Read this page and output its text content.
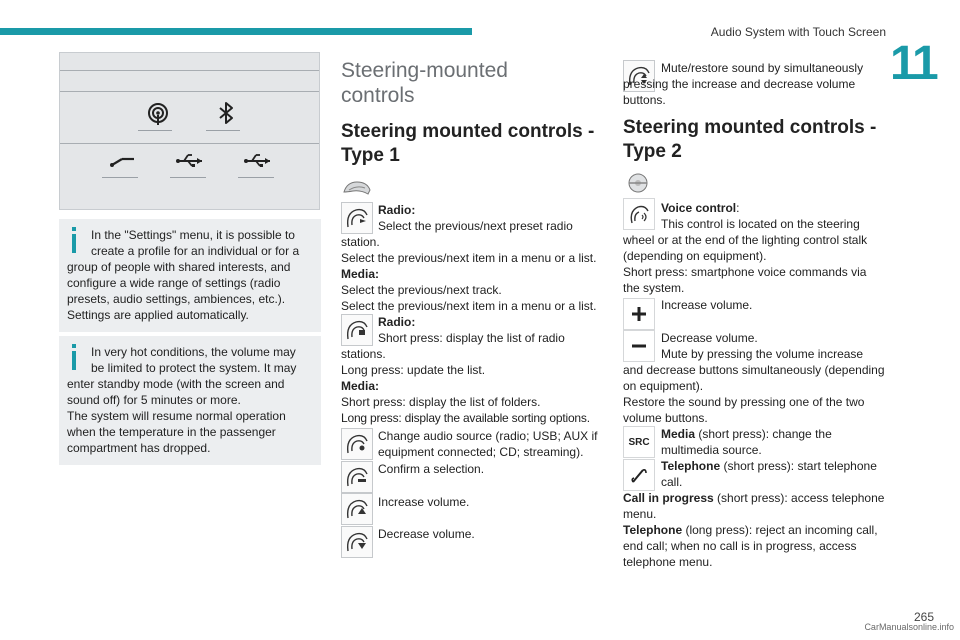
Audio System with Touch Screen
11

In the "Settings" menu, it is possible to create a profile for an individual or for a group of people with shared interests, and configure a wide range of settings (radio presets, audio settings, ambiences, etc.). Settings are applied automatically.

In very hot conditions, the volume may be limited to protect the system. It may enter standby mode (with the screen and sound off) for 5 minutes or more.

The system will resume normal operation when the temperature in the passenger compartment has dropped.

Steering-mounted controls
Steering mounted controls - Type 1
Radio:
Select the previous/next preset radio station.
Select the previous/next item in a menu or a list.
Media:
Select the previous/next track.
Select the previous/next item in a menu or a list.
Radio:
Short press: display the list of radio stations.
Long press: update the list.
Media:
Short press: display the list of folders.
Long press: display the available sorting options.
Change audio source (radio; USB; AUX if equipment connected; CD; streaming).
Confirm a selection.
Increase volume.
Decrease volume.
Mute/restore sound by simultaneously pressing the increase and decrease volume buttons.
Steering mounted controls - Type 2
Voice control:
This control is located on the steering wheel or at the end of the lighting control stalk (depending on equipment).
Short press: smartphone voice commands via the system.
Increase volume.
Decrease volume.
Mute by pressing the volume increase and decrease buttons simultaneously (depending on equipment).
Restore the sound by pressing one of the two volume buttons.
SRC
Media (short press): change the multimedia source.
Telephone (short press): start telephone call.
Call in progress (short press): access telephone menu.
Telephone (long press): reject an incoming call, end call; when no call is in progress, access telephone menu.
265
CarManualsonline.info
